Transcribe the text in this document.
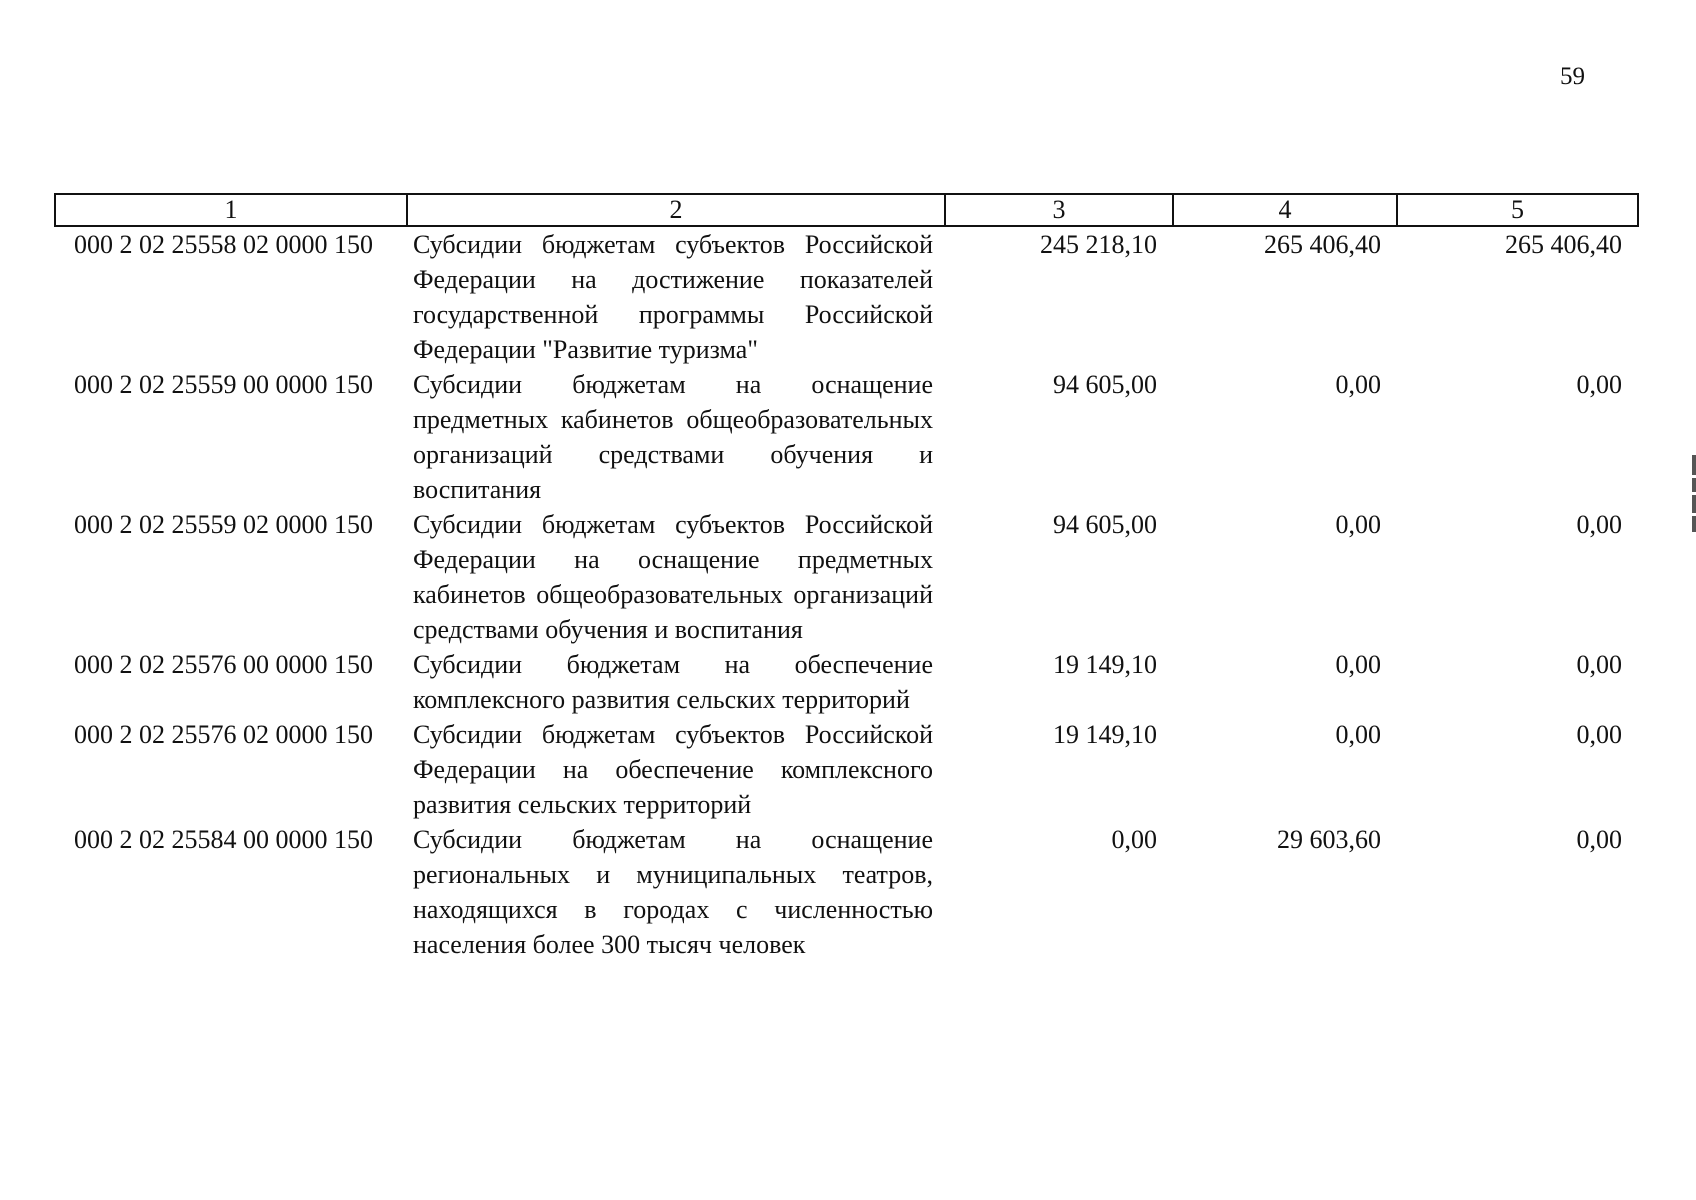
59
1	2	3	4	5
000 2 02 25558 02 0000 150	Субсидии бюджетам субъектов Российской Федерации на достижение показателей государственной программы Российской Федерации "Развитие туризма"	245 218,10	265 406,40	265 406,40
000 2 02 25559 00 0000 150	Субсидии бюджетам на оснащение предметных кабинетов общеобразовательных организаций средствами обучения и воспитания	94 605,00	0,00	0,00
000 2 02 25559 02 0000 150	Субсидии бюджетам субъектов Российской Федерации на оснащение предметных кабинетов общеобразовательных организаций средствами обучения и воспитания	94 605,00	0,00	0,00
000 2 02 25576 00 0000 150	Субсидии бюджетам на обеспечение комплексного развития сельских территорий	19 149,10	0,00	0,00
000 2 02 25576 02 0000 150	Субсидии бюджетам субъектов Российской Федерации на обеспечение комплексного развития сельских территорий	19 149,10	0,00	0,00
000 2 02 25584 00 0000 150	Субсидии бюджетам на оснащение региональных и муниципальных театров, находящихся в городах с численностью населения более 300 тысяч человек	0,00	29 603,60	0,00
